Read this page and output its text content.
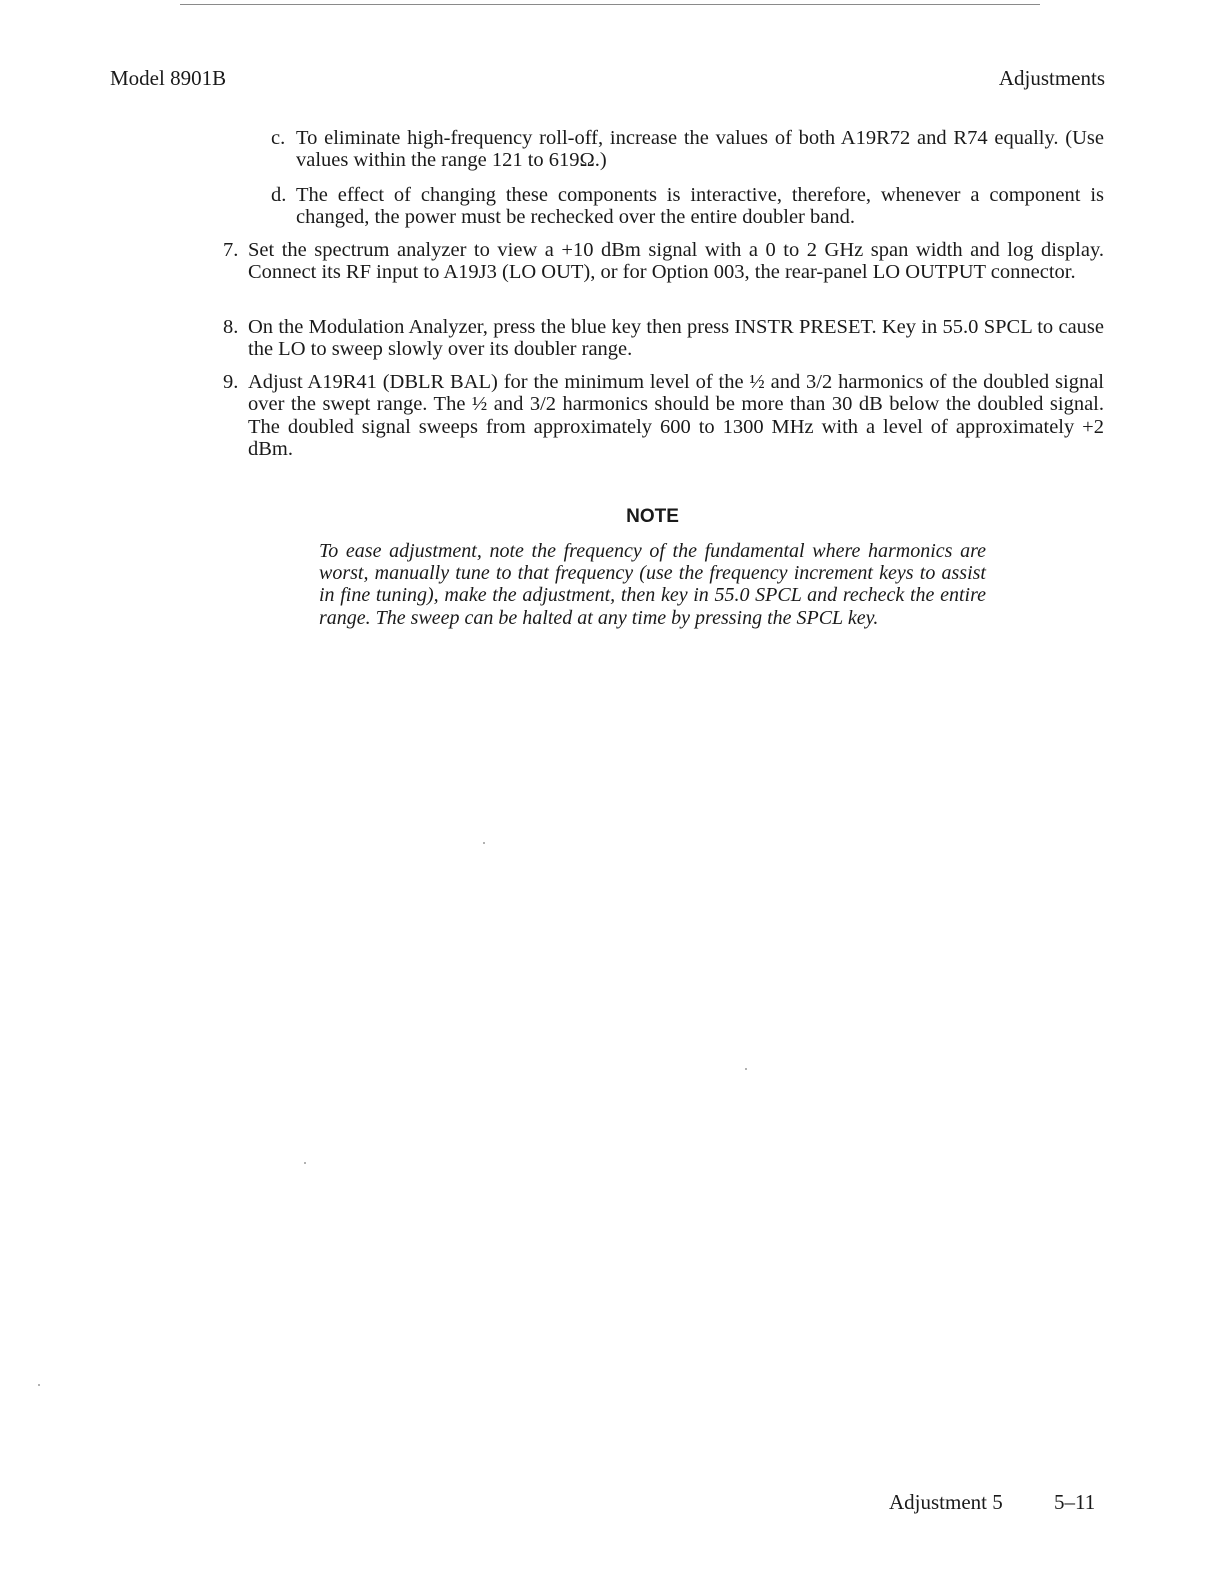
Model 8901B	Adjustments
c. To eliminate high-frequency roll-off, increase the values of both A19R72 and R74 equally. (Use values within the range 121 to 619Ω.)
d. The effect of changing these components is interactive, therefore, whenever a component is changed, the power must be rechecked over the entire doubler band.
7. Set the spectrum analyzer to view a +10 dBm signal with a 0 to 2 GHz span width and log display. Connect its RF input to A19J3 (LO OUT), or for Option 003, the rear-panel LO OUTPUT connector.
8. On the Modulation Analyzer, press the blue key then press INSTR PRESET. Key in 55.0 SPCL to cause the LO to sweep slowly over its doubler range.
9. Adjust A19R41 (DBLR BAL) for the minimum level of the ½ and 3/2 harmonics of the doubled signal over the swept range. The ½ and 3/2 harmonics should be more than 30 dB below the doubled signal. The doubled signal sweeps from approximately 600 to 1300 MHz with a level of approximately +2 dBm.
NOTE
To ease adjustment, note the frequency of the fundamental where harmonics are worst, manually tune to that frequency (use the frequency increment keys to assist in fine tuning), make the adjustment, then key in 55.0 SPCL and recheck the entire range. The sweep can be halted at any time by pressing the SPCL key.
Adjustment 5 5–11
